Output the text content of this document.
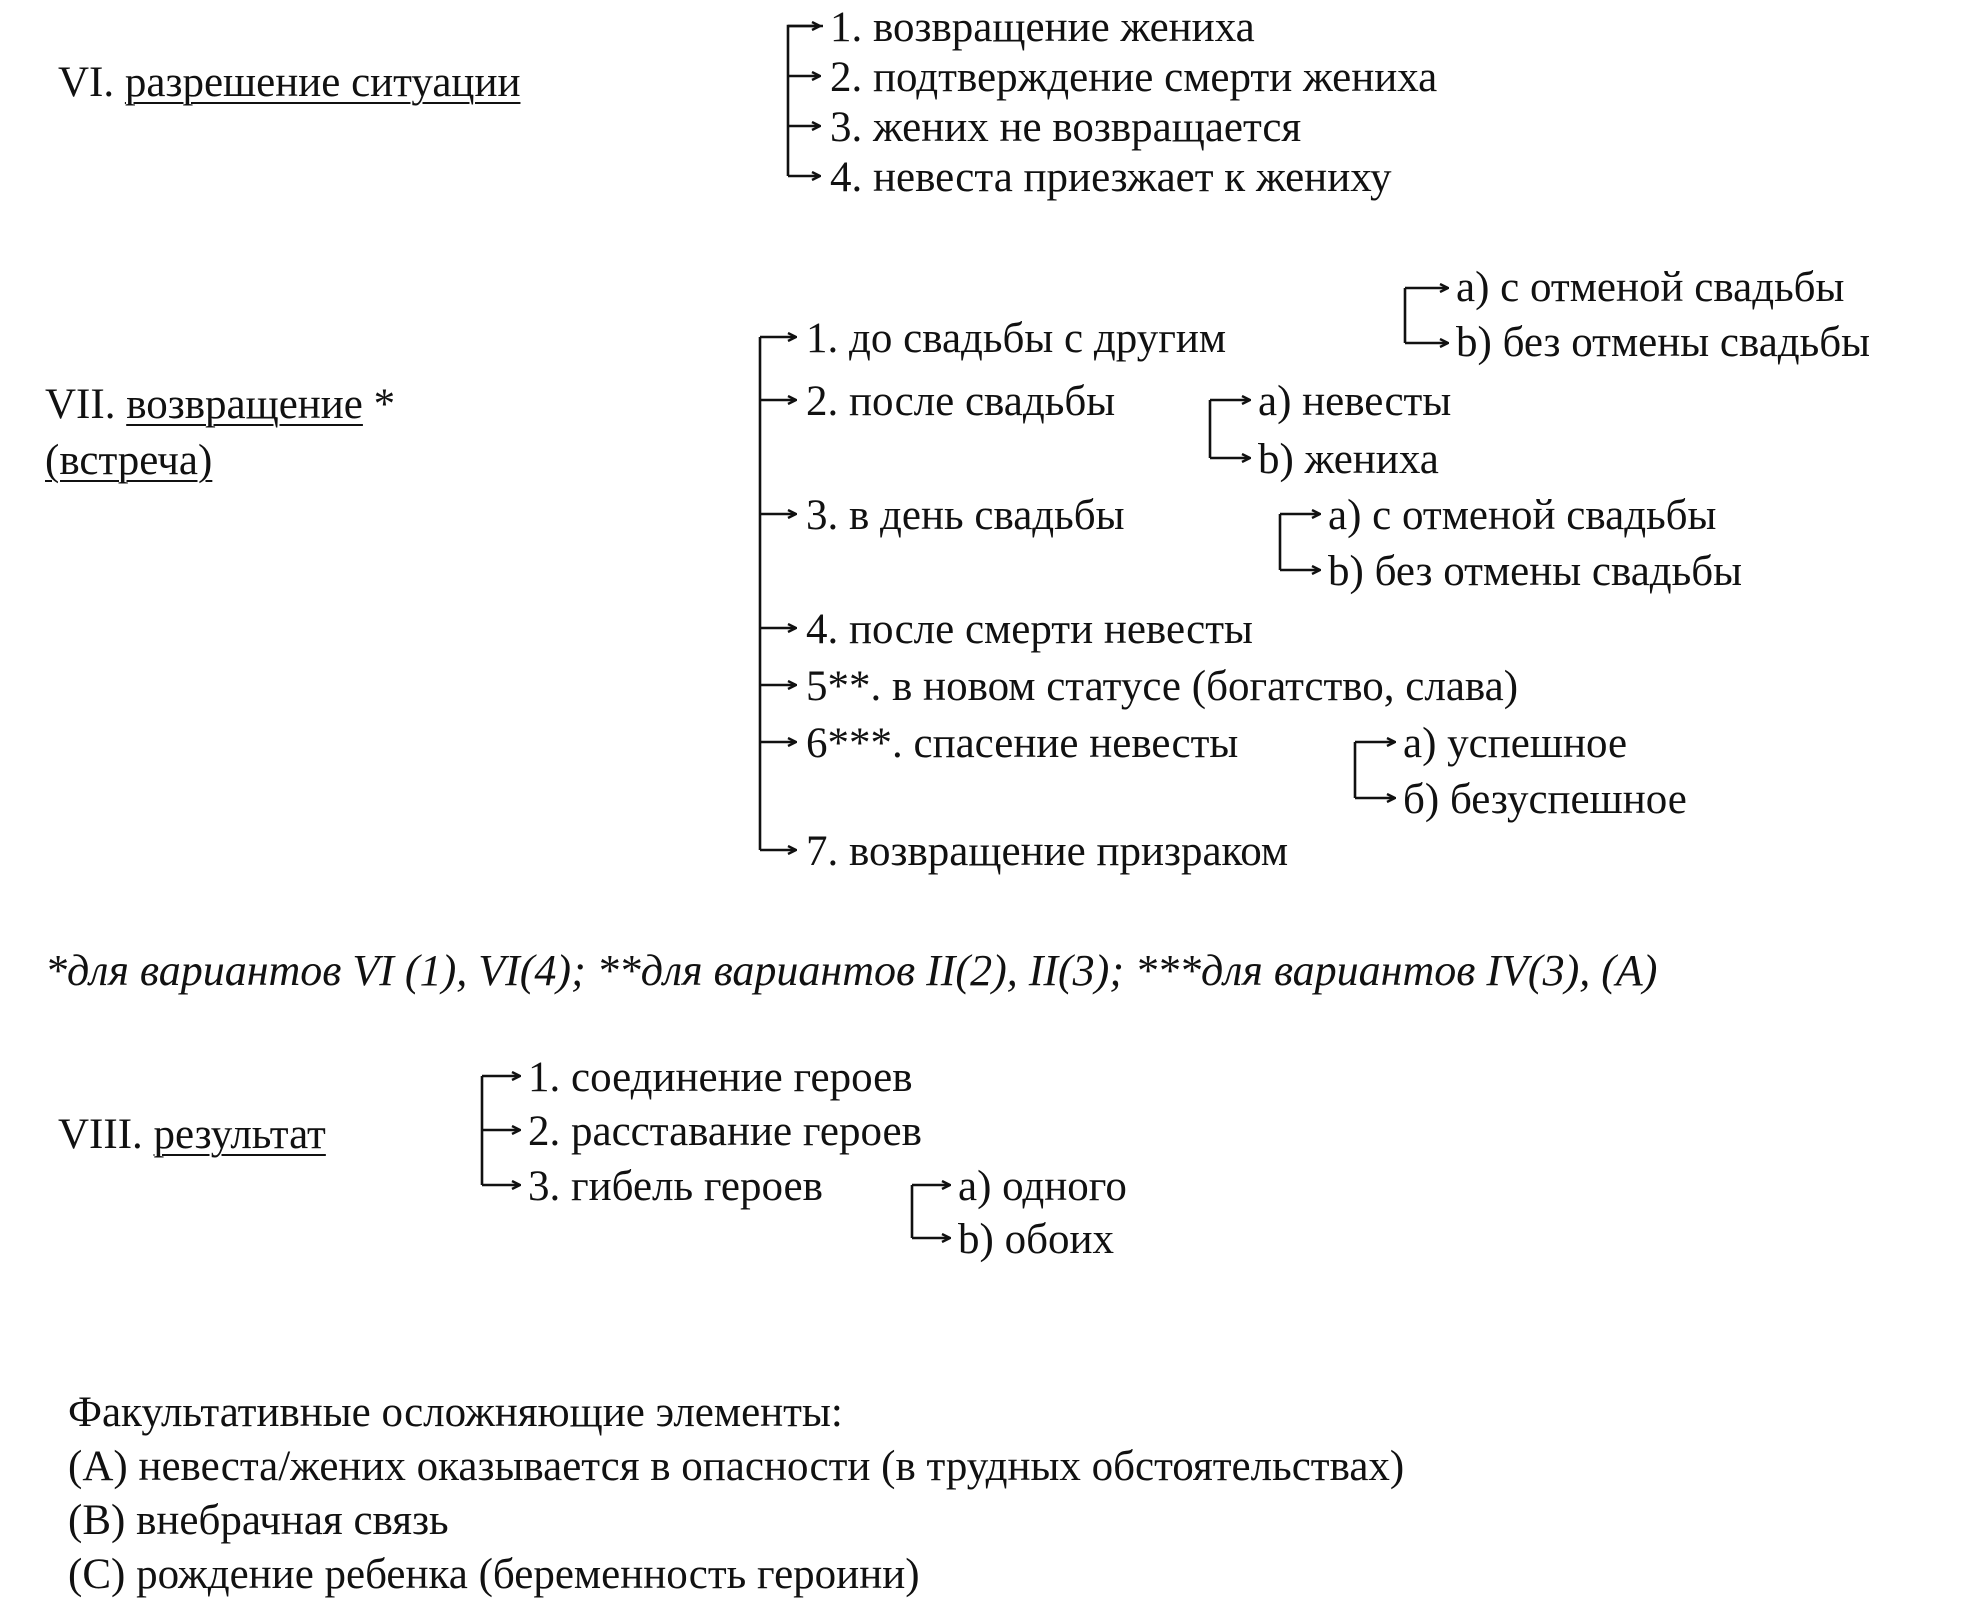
VI. разрешение ситуации
1. возвращение жениха
2. подтверждение смерти жениха
3. жених не возвращается
4. невеста приезжает к жениху
VII. возвращение *
(встреча)
1. до свадьбы с другим
a) с отменой свадьбы
b) без отмены свадьбы
2. после свадьбы	a) невесты
b) жениха
3. в день свадьбы	a) с отменой свадьбы
b) без отмены свадьбы
4. после смерти невесты
5**. в новом статусе (богатство, слава)
6***. спасение невесты	a) успешное
б) безуспешное
7. возвращение призраком
*для вариантов VI (1), VI(4); **для вариантов II(2), II(3); ***для вариантов IV(3), (A)
VIII. результат
1. соединение героев
2. расставание героев
3. гибель героев	a) одного
b) обоих
Факультативные осложняющие элементы:
(A) невеста/жених оказывается в опасности (в трудных обстоятельствах)
(B) внебрачная связь
(C) рождение ребенка (беременность героини)
